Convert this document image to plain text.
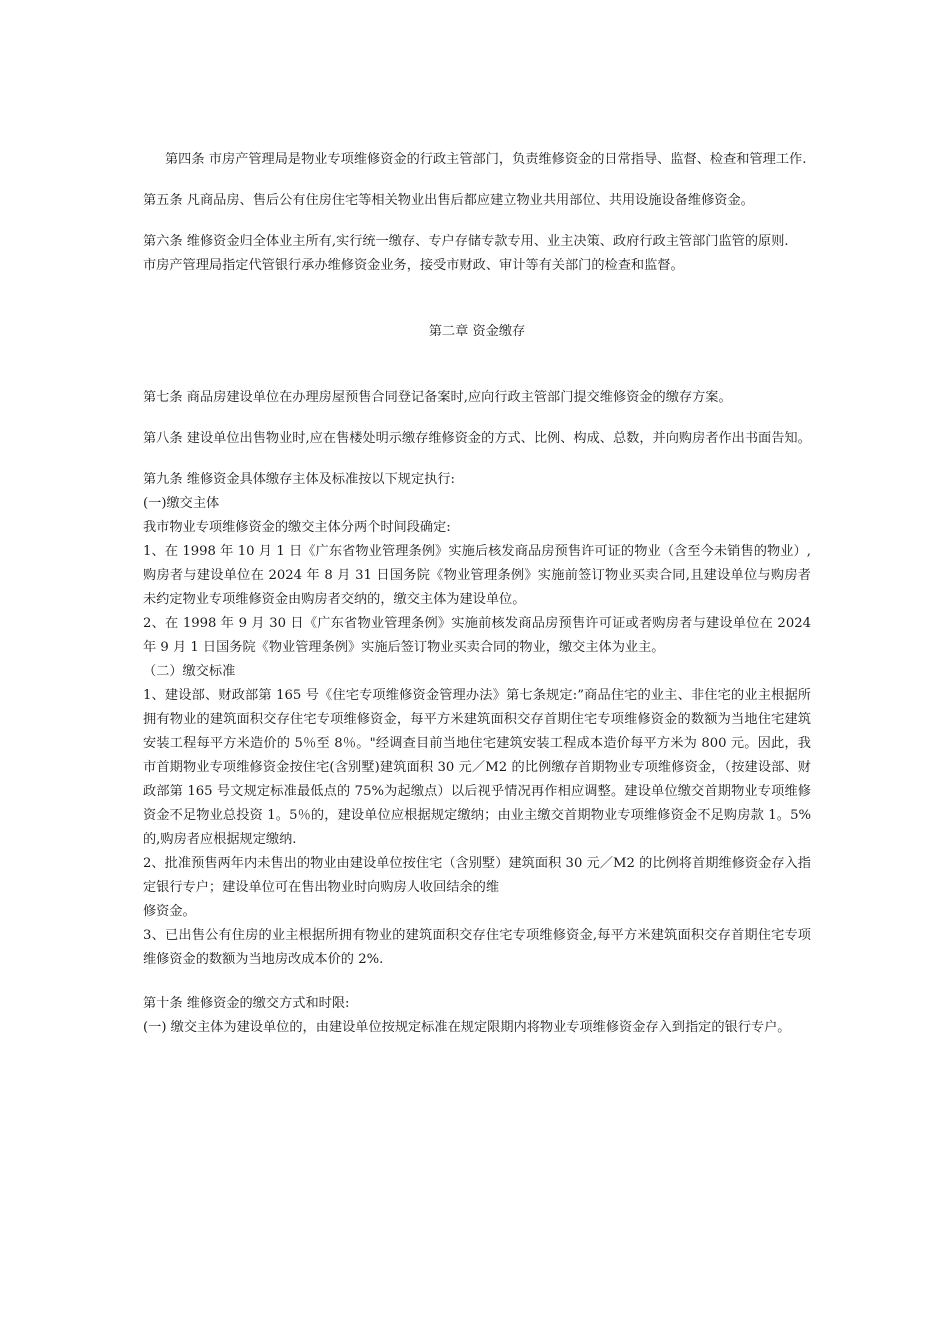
第四条 市房产管理局是物业专项维修资金的行政主管部门，负责维修资金的日常指导、监督、检查和管理工作.

第五条 凡商品房、售后公有住房住宅等相关物业出售后都应建立物业共用部位、共用设施设备维修资金。

第六条 维修资金归全体业主所有,实行统一缴存、专户存储专款专用、业主决策、政府行政主管部门监管的原则.

市房产管理局指定代管银行承办维修资金业务，接受市财政、审计等有关部门的检查和监督。

第二章 资金缴存

第七条 商品房建设单位在办理房屋预售合同登记备案时,应向行政主管部门提交维修资金的缴存方案。

第八条 建设单位出售物业时,应在售楼处明示缴存维修资金的方式、比例、构成、总数，并向购房者作出书面告知。

第九条 维修资金具体缴存主体及标准按以下规定执行:

(一)缴交主体

我市物业专项维修资金的缴交主体分两个时间段确定:

1、在 1998 年 10 月 1 日《广东省物业管理条例》实施后核发商品房预售许可证的物业（含至今未销售的物业）,购房者与建设单位在 2024 年 8 月 31 日国务院《物业管理条例》实施前签订物业买卖合同,且建设单位与购房者未约定物业专项维修资金由购房者交纳的，缴交主体为建设单位。

2、在 1998 年 9 月 30 日《广东省物业管理条例》实施前核发商品房预售许可证或者购房者与建设单位在 2024 年 9 月 1 日国务院《物业管理条例》实施后签订物业买卖合同的物业，缴交主体为业主。

（二）缴交标准

1、建设部、财政部第 165 号《住宅专项维修资金管理办法》第七条规定:”商品住宅的业主、非住宅的业主根据所拥有物业的建筑面积交存住宅专项维修资金，每平方米建筑面积交存首期住宅专项维修资金的数额为当地住宅建筑安装工程每平方米造价的 5％至 8％。"经调查目前当地住宅建筑安装工程成本造价每平方米为 800 元。因此，我市首期物业专项维修资金按住宅(含别墅)建筑面积 30 元／M2 的比例缴存首期物业专项维修资金，（按建设部、财政部第 165 号文规定标准最低点的 75%为起缴点）以后视乎情况再作相应调整。建设单位缴交首期物业专项维修资金不足物业总投资 1。5％的，建设单位应根据规定缴纳；由业主缴交首期物业专项维修资金不足购房款 1。5%的,购房者应根据规定缴纳.

2、批准预售两年内未售出的物业由建设单位按住宅（含别墅）建筑面积 30 元／M2 的比例将首期维修资金存入指定银行专户；建设单位可在售出物业时向购房人收回结余的维

修资金。

3、已出售公有住房的业主根据所拥有物业的建筑面积交存住宅专项维修资金,每平方米建筑面积交存首期住宅专项维修资金的数额为当地房改成本价的 2%.

第十条 维修资金的缴交方式和时限:

(一) 缴交主体为建设单位的，由建设单位按规定标准在规定限期内将物业专项维修资金存入到指定的银行专户。
